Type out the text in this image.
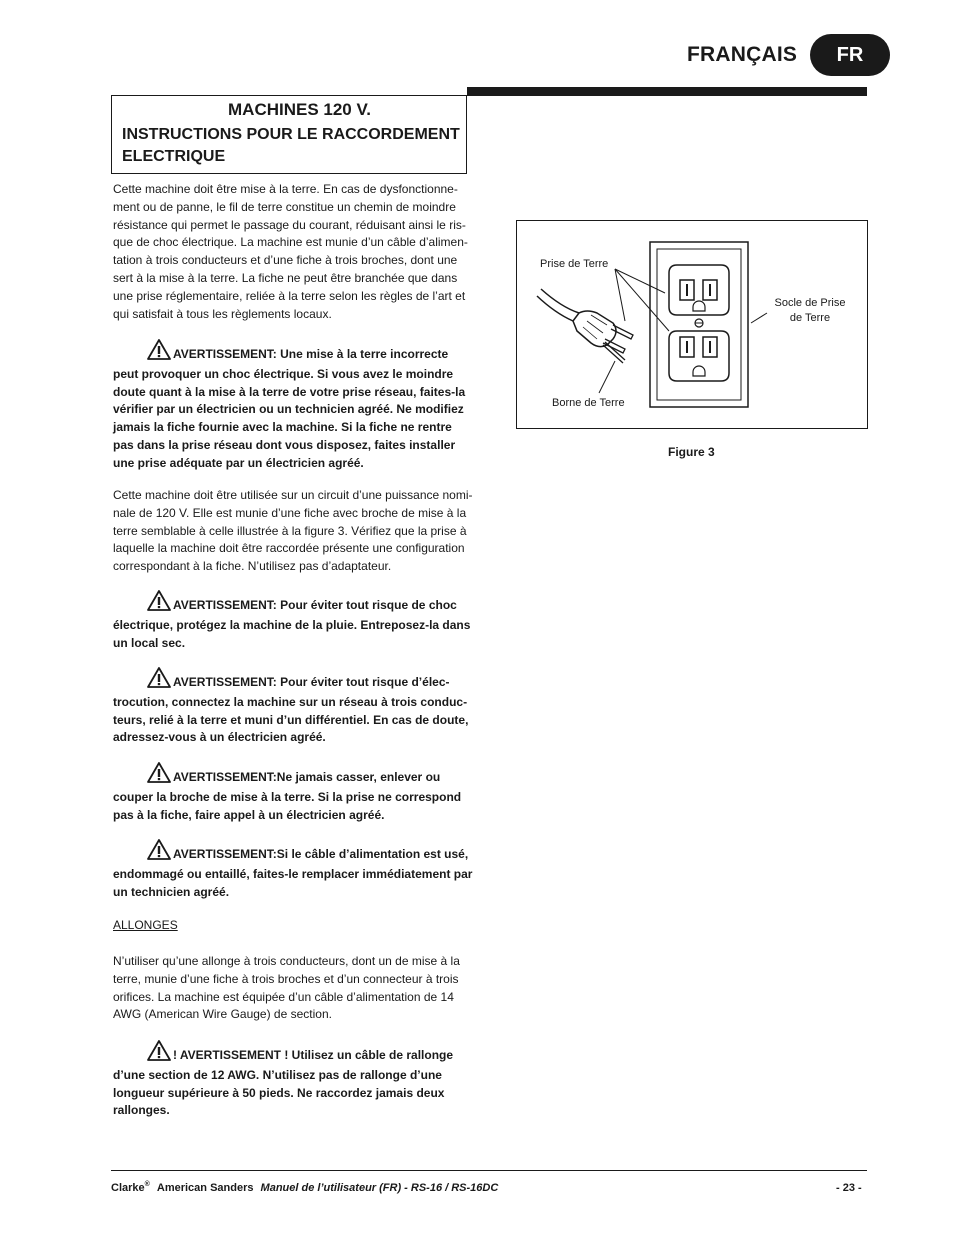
FRANÇAIS	FR
MACHINES 120 V.
INSTRUCTIONS POUR LE RACCORDEMENT
ELECTRIQUE
Cette machine doit être mise à la terre. En cas de dysfonctionne-
ment ou de panne, le fil de terre constitue un chemin de moindre
résistance qui permet le passage du courant, réduisant ainsi le ris-
que de choc électrique. La machine est munie d’un câble d’alimen-
tation à trois conducteurs et d’une fiche à trois broches, dont une
sert à la mise à la terre. La fiche ne peut être branchée que dans
une prise réglementaire, reliée à la terre selon les règles de l’art et
qui satisfait à tous les règlements locaux.
AVERTISSEMENT: Une mise à la terre incorrecte
peut provoquer un choc électrique. Si vous avez le moindre
doute quant à la mise à la terre de votre prise réseau, faites-la
vérifier par un électricien ou un technicien agréé. Ne modifiez
jamais la fiche fournie avec la machine. Si la fiche ne rentre
pas dans la prise réseau dont vous disposez, faites installer
une prise adéquate par un électricien agréé.
Cette machine doit être utilisée sur un circuit d’une puissance nomi-
nale de 120 V. Elle est munie d’une fiche avec broche de mise à la
terre semblable à celle illustrée à la figure 3. Vérifiez que la prise à
laquelle la machine doit être raccordée présente une configuration
correspondant à la fiche. N’utilisez pas d’adaptateur.
AVERTISSEMENT: Pour éviter tout risque de choc
électrique, protégez la machine de la pluie. Entreposez-la dans
un local sec.
AVERTISSEMENT: Pour éviter tout risque d’élec-
trocution, connectez la machine sur un réseau à trois conduc-
teurs, relié à la terre et muni d’un différentiel. En cas de doute,
adressez-vous à un électricien agréé.
AVERTISSEMENT:Ne jamais casser, enlever ou
couper la broche de mise à la terre. Si la prise ne correspond
pas à la fiche, faire appel à un électricien agréé.
AVERTISSEMENT:Si le câble d’alimentation est usé,
endommagé ou entaillé, faites-le remplacer immédiatement par
un technicien agréé.
ALLONGES
N’utiliser qu’une allonge à trois conducteurs, dont un de mise à la
terre, munie d’une fiche à trois broches et d’un connecteur à trois
orifices. La machine est équipée d’un câble d’alimentation de 14
AWG (American Wire Gauge) de section.
! AVERTISSEMENT ! Utilisez un câble de rallonge
d’une section de 12 AWG. N’utilisez pas de rallonge d’une
longueur supérieure à 50 pieds. Ne raccordez jamais deux
rallonges.
Prise de Terre
Socle de Prise
de Terre
Borne de Terre
Figure 3
Clarke® American Sanders Manuel de l’utilisateur (FR) - RS-16 / RS-16DC	- 23 -
